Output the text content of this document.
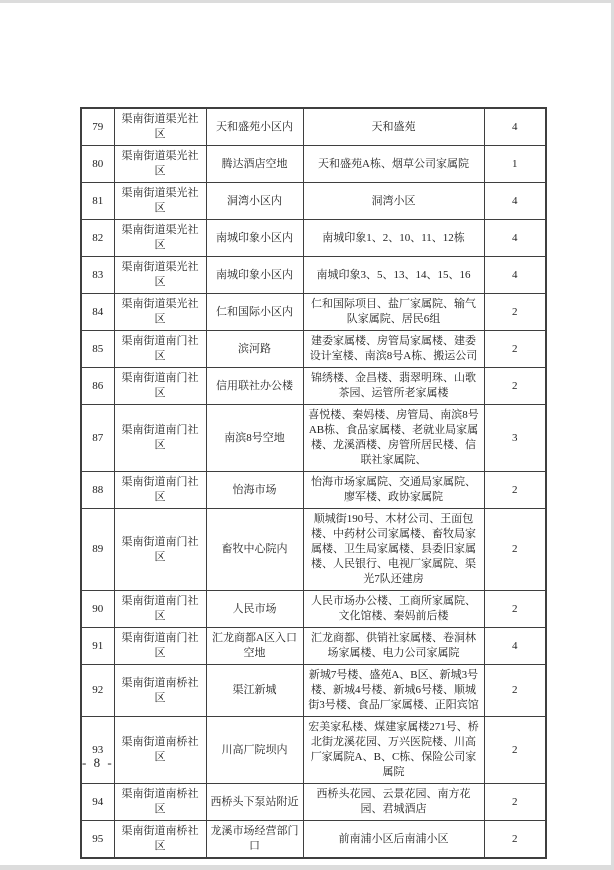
79	渠南街道渠光社区	天和盛苑小区内	天和盛苑	4
80	渠南街道渠光社区	腾达酒店空地	天和盛苑A栋、烟草公司家属院	1
81	渠南街道渠光社区	洞湾小区内	洞湾小区	4
82	渠南街道渠光社区	南城印象小区内	南城印象1、2、10、11、12栋	4
83	渠南街道渠光社区	南城印象小区内	南城印象3、5、13、14、15、16	4
84	渠南街道渠光社区	仁和国际小区内	仁和国际项目、盐厂家属院、输气队家属院、居民6组	2
85	渠南街道南门社区	滨河路	建委家属楼、房管局家属楼、建委设计室楼、南滨8号A栋、搬运公司	2
86	渠南街道南门社区	信用联社办公楼	锦绣楼、金昌楼、翡翠明珠、山歌茶园、运管所老家属楼	2
87	渠南街道南门社区	南滨8号空地	喜悦楼、秦妈楼、房管局、南滨8号AB栋、食品家属楼、老就业局家属楼、龙溪酒楼、房管所居民楼、信联社家属院、	3
88	渠南街道南门社区	怡海市场	怡海市场家属院、交通局家属院、廖军楼、政协家属院	2
89	渠南街道南门社区	畜牧中心院内	顺城街190号、木材公司、王面包楼、中药材公司家属楼、畜牧局家属楼、卫生局家属楼、县委旧家属楼、人民银行、电视厂家属院、渠光7队还建房	2
90	渠南街道南门社区	人民市场	人民市场办公楼、工商所家属院、文化馆楼、秦妈前后楼	2
91	渠南街道南门社区	汇龙商都A区入口空地	汇龙商都、供销社家属楼、卷洞林场家属楼、电力公司家属院	4
92	渠南街道南桥社区	渠江新城	新城7号楼、盛苑A、B区、新城3号楼、新城4号楼、新城6号楼、顺城街3号楼、食品厂家属楼、正阳宾馆	2
93	渠南街道南桥社区	川高厂院坝内	宏美家私楼、煤建家属楼271号、桥北街龙溪花园、万兴医院楼、川高厂家属院A、B、C栋、保险公司家属院	2
94	渠南街道南桥社区	西桥头下泵站附近	西桥头花园、云景花园、南方花园、君城酒店	2
95	渠南街道南桥社区	龙溪市场经营部门口	前南浦小区后南浦小区	2
- 8 -
